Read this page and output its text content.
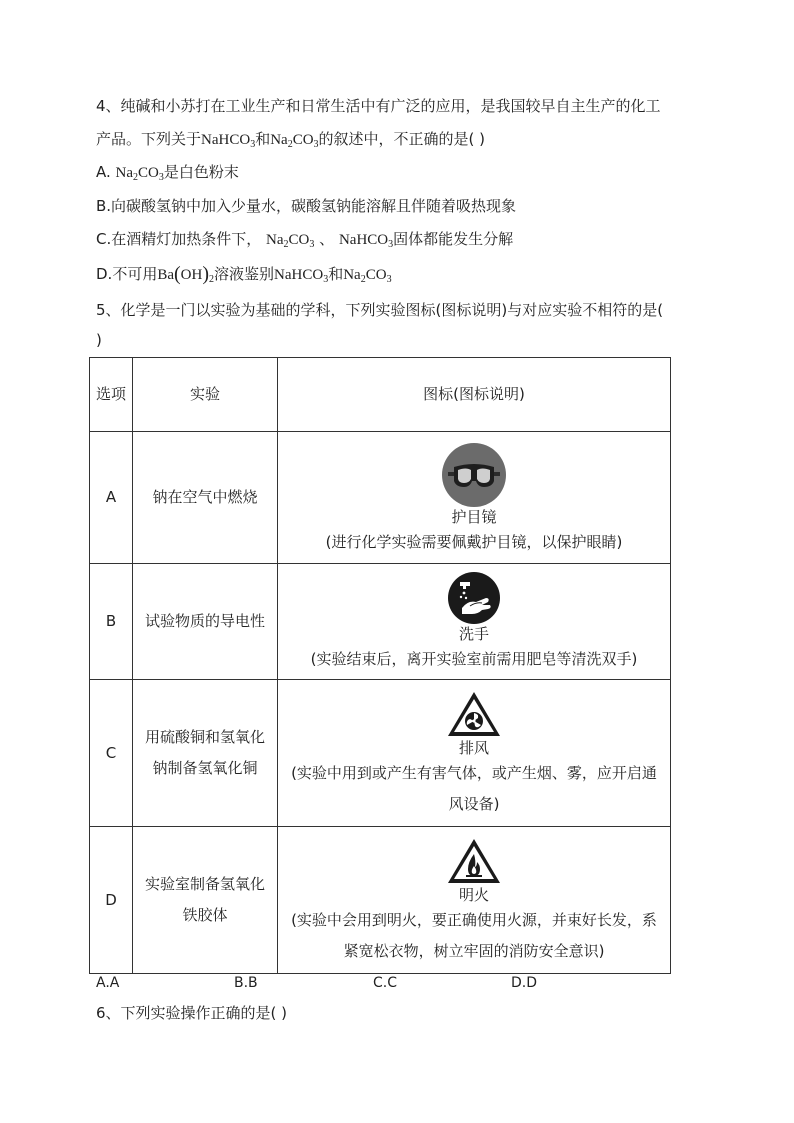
4、纯碱和小苏打在工业生产和日常生活中有广泛的应用，是我国较早自主生产的化工
产品。下列关于NaHCO$_3$和$Na_2CO_3$的叙述中，不正确的是( )
A. $Na_2CO_3$是白色粉末
B.向碳酸氢钠中加入少量水，碳酸氢钠能溶解且伴随着吸热现象
C.在酒精灯加热条件下， $Na_2CO_3$ 、 NaHCO$_3$固体都能发生分解
D.不可用$Ba(OH)_2$溶液鉴别NaHCO$_3$和$Na_2CO_3$
5、化学是一门以实验为基础的学科，下列实验图标(图标说明)与对应实验不相符的是(
)
选项	实验	图标(图标说明)
A	钠在空气中燃烧	护目镜
(进行化学实验需要佩戴护目镜，以保护眼睛)

B	试验物质的导电性	洗手
(实验结束后，离开实验室前需用肥皂等清洗双手)

C	用硫酸铜和氢氧化钠制备氢氧化铜	排风
(实验中用到或产生有害气体，或产生烟、雾，应开启通风设备)

D	实验室制备氢氧化铁胶体	明火
(实验中会用到明火，要正确使用火源，并束好长发，系紧宽松衣物，树立牢固的消防安全意识)
A.A	B.B	C.C	D.D
6、下列实验操作正确的是( )
